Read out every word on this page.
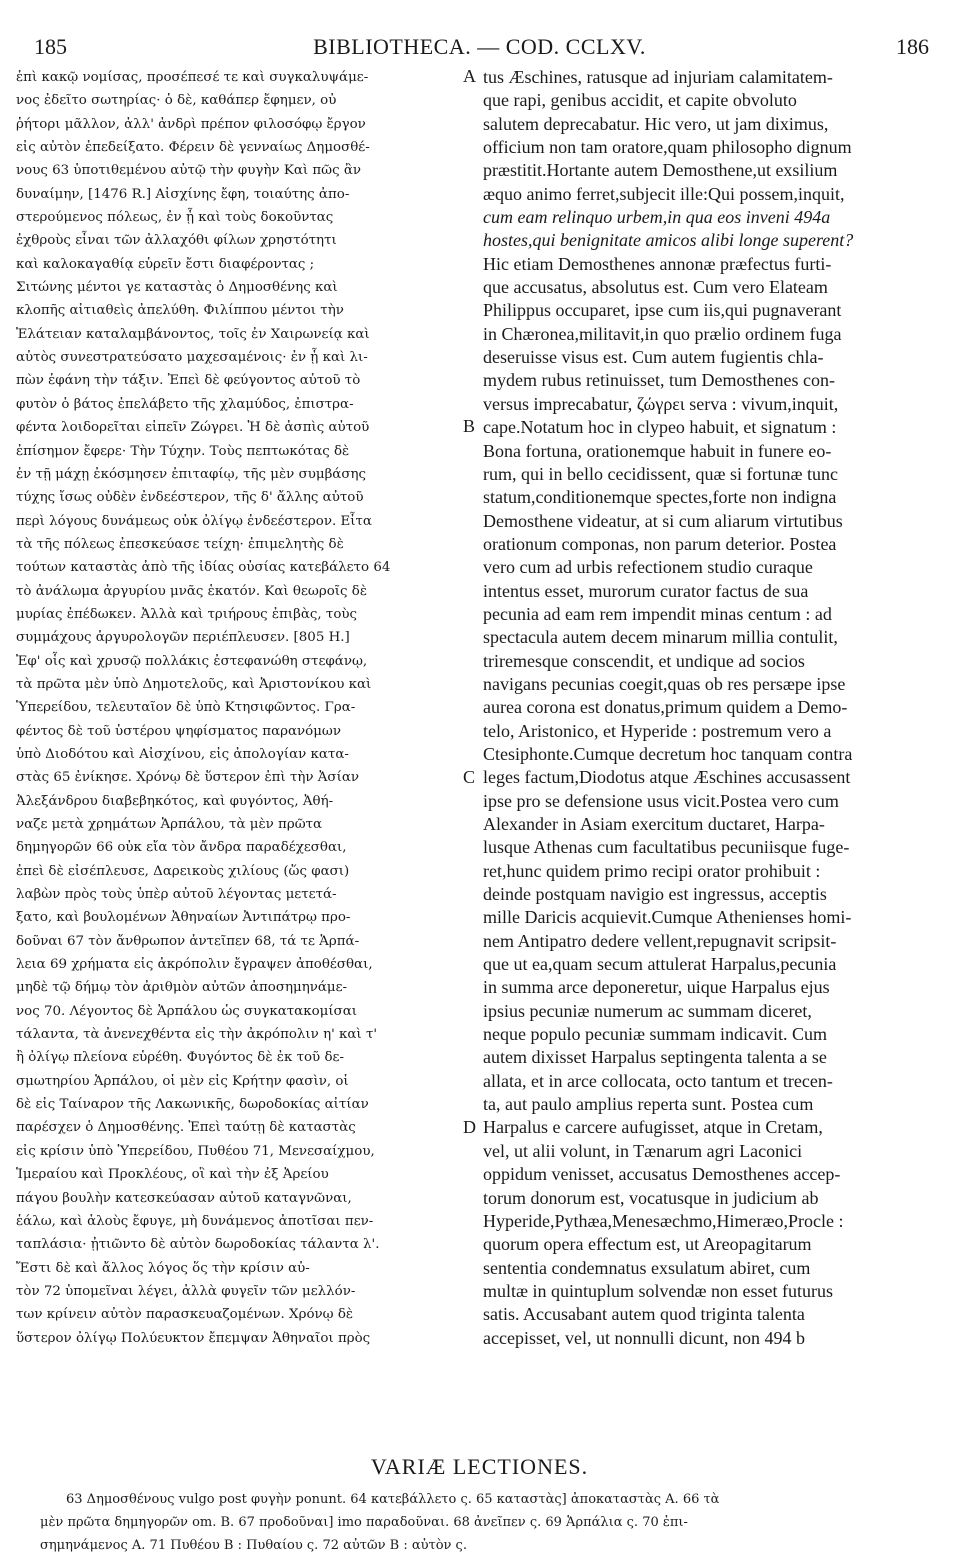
185	BIBLIOTHECA. — COD. CCLXV.	186
ἐπὶ κακῷ νομίσας, προσέπεσέ τε καὶ συγκαλυψάμε-
νος ἐδεῖτο σωτηρίας· ὁ δὲ, καθάπερ ἔφημεν, οὐ
ῥήτορι μᾶλλον, ἀλλ' ἀνδρὶ πρέπον φιλοσόφῳ ἔργον
εἰς αὐτὸν ἐπεδείξατο. Φέρειν δὲ γενναίως Δημοσθέ-
νους 63 ὑποτιθεμένου αὐτῷ τὴν φυγὴν Καὶ πῶς ἂν
δυναίμην, [1476 R.] Αἰσχίνης ἔφη, τοιαύτης ἀπο-
στερούμενος πόλεως, ἐν ᾗ καὶ τοὺς δοκοῦντας
ἐχθροὺς εἶναι τῶν ἀλλαχόθι φίλων χρηστότητι
καὶ καλοκαγαθίᾳ εὑρεῖν ἔστι διαφέροντας ;
Σιτώνης μέντοι γε καταστὰς ὁ Δημοσθένης καὶ
κλοπῆς αἰτιαθεὶς ἀπελύθη. Φιλίππου μέντοι τὴν
Ἐλάτειαν καταλαμβάνοντος, τοῖς ἐν Χαιρωνείᾳ καὶ
αὐτὸς συνεστρατεύσατο μαχεσαμένοις· ἐν ᾗ καὶ λι-
πὼν ἐφάνη τὴν τάξιν. Ἐπεὶ δὲ φεύγοντος αὐτοῦ τὸ
φυτὸν ὁ βάτος ἐπελάβετο τῆς χλαμύδος, ἐπιστρα-
φέντα λοιδορεῖται εἰπεῖν Ζώγρει. Ἡ δὲ ἀσπὶς αὐτοῦ
ἐπίσημον ἔφερε· Τὴν Τύχην. Τοὺς πεπτωκότας δὲ
ἐν τῇ μάχῃ ἐκόσμησεν ἐπιταφίῳ, τῆς μὲν συμβάσης
τύχης ἴσως οὐδὲν ἐνδεέστερον, τῆς δ' ἄλλης αὐτοῦ
περὶ λόγους δυνάμεως οὐκ ὀλίγῳ ἐνδεέστερον. Εἶτα
τὰ τῆς πόλεως ἐπεσκεύασε τείχη· ἐπιμελητὴς δὲ
τούτων καταστὰς ἀπὸ τῆς ἰδίας οὐσίας κατεβάλετο 64
τὸ ἀνάλωμα ἀργυρίου μνᾶς ἑκατόν. Καὶ θεωροῖς δὲ
μυρίας ἐπέδωκεν. Ἀλλὰ καὶ τριήρους ἐπιβὰς, τοὺς
συμμάχους ἀργυρολογῶν περιέπλευσεν. [805 H.]
Ἐφ' οἷς καὶ χρυσῷ πολλάκις ἐστεφανώθη στεφάνῳ,
τὰ πρῶτα μὲν ὑπὸ Δημοτελοῦς, καὶ Ἀριστονίκου καὶ
Ὑπερείδου, τελευταῖον δὲ ὑπὸ Κτησιφῶντος. Γρα-
φέντος δὲ τοῦ ὑστέρου ψηφίσματος παρανόμων
ὑπὸ Διοδότου καὶ Αἰσχίνου, εἰς ἀπολογίαν κατα-
στὰς 65 ἐνίκησε. Χρόνῳ δὲ ὕστερον ἐπὶ τὴν Ἀσίαν
Ἀλεξάνδρου διαβεβηκότος, καὶ φυγόντος, Ἀθή-
ναζε μετὰ χρημάτων Ἁρπάλου, τὰ μὲν πρῶτα
δημηγορῶν 66 οὐκ εἴα τὸν ἄνδρα παραδέχεσθαι,
ἐπεὶ δὲ εἰσέπλευσε, Δαρεικοὺς χιλίους (ὥς φασι)
λαβὼν πρὸς τοὺς ὑπὲρ αὐτοῦ λέγοντας μετετά-
ξατο, καὶ βουλομένων Ἀθηναίων Ἀντιπάτρῳ προ-
δοῦναι 67 τὸν ἄνθρωπον ἀντεῖπεν 68, τά τε Ἁρπά-
λεια 69 χρήματα εἰς ἀκρόπολιν ἔγραψεν ἀποθέσθαι,
μηδὲ τῷ δήμῳ τὸν ἀριθμὸν αὐτῶν ἀποσημηνάμε-
νος 70. Λέγοντος δὲ Ἁρπάλου ὡς συγκατακομίσαι
τάλαντα, τὰ ἀνενεχθέντα εἰς τὴν ἀκρόπολιν η' καὶ τ'
ἢ ὀλίγῳ πλείονα εὑρέθη. Φυγόντος δὲ ἐκ τοῦ δε-
σμωτηρίου Ἁρπάλου, οἱ μὲν εἰς Κρήτην φασὶν, οἱ
δὲ εἰς Ταίναρον τῆς Λακωνικῆς, δωροδοκίας αἰτίαν
παρέσχεν ὁ Δημοσθένης. Ἐπεὶ ταύτῃ δὲ καταστὰς
εἰς κρίσιν ὑπὸ Ὑπερείδου, Πυθέου 71, Μενεσαίχμου,
Ἱμεραίου καὶ Προκλέους, οἳ καὶ τὴν ἐξ Ἀρείου
πάγου βουλὴν κατεσκεύασαν αὐτοῦ καταγνῶναι,
ἑάλω, καὶ ἁλοὺς ἔφυγε, μὴ δυνάμενος ἀποτῖσαι πεν-
ταπλάσια· ᾐτιῶντο δὲ αὐτὸν δωροδοκίας τάλαντα λ'.
Ἔστι δὲ καὶ ἄλλος λόγος ὅς τὴν κρίσιν αὐ-
τὸν 72 ὑπομεῖναι λέγει, ἀλλὰ φυγεῖν τῶν μελλόν-
των κρίνειν αὐτὸν παρασκευαζομένων. Χρόνῳ δὲ
ὕστερον ὀλίγῳ Πολύευκτον ἔπεμψαν Ἀθηναῖοι πρὸς
tus Æschines, ratusque ad injuriam calamitatem-
que rapi, genibus accidit, et capite obvoluto
salutem deprecabatur. Hic vero, ut jam diximus,
officium non tam oratore,quam philosopho dignum
præstitit.Hortante autem Demosthene,ut exsilium
æquo animo ferret,subjecit ille:Qui possem,inquit,
cum eam relinquo urbem,in qua eos inveni 494a
hostes,qui benignitate amicos alibi longe superent?
Hic etiam Demosthenes annonæ præfectus furti-
que accusatus, absolutus est. Cum vero Elateam
Philippus occuparet, ipse cum iis,qui pugnaverant
in Chæronea,militavit,in quo prælio ordinem fuga
deseruisse visus est. Cum autem fugientis chla-
mydem rubus retinuisset, tum Demosthenes con-
versus imprecabatur, ζώγρει serva : vivum,inquit,
cape.Notatum hoc in clypeo habuit, et signatum :
Bona fortuna, orationemque habuit in funere eo-
rum, qui in bello cecidissent, quæ si fortunæ tunc
statum,conditionemque spectes,forte non indigna
Demosthene videatur, at si cum aliarum virtutibus
orationum componas, non parum deterior. Postea
vero cum ad urbis refectionem studio curaque
intentus esset, murorum curator factus de sua
pecunia ad eam rem impendit minas centum : ad
spectacula autem decem minarum millia contulit,
triremesque conscendit, et undique ad socios
navigans pecunias coegit,quas ob res persæpe ipse
aurea corona est donatus,primum quidem a Demo-
telo, Aristonico, et Hyperide : postremum vero a
Ctesiphonte.Cumque decretum hoc tanquam contra
leges factum,Diodotus atque Æschines accusassent
ipse pro se defensione usus vicit.Postea vero cum
Alexander in Asiam exercitum ductaret, Harpa-
lusque Athenas cum facultatibus pecuniisque fuge-
ret,hunc quidem primo recipi orator prohibuit :
deinde postquam navigio est ingressus, acceptis
mille Daricis acquievit.Cumque Athenienses homi-
nem Antipatro dedere vellent,repugnavit scripsit-
que ut ea,quam secum attulerat Harpalus,pecunia
in summa arce deponeretur, uique Harpalus ejus
ipsius pecuniæ numerum ac summam diceret,
neque populo pecuniæ summam indicavit. Cum
autem dixisset Harpalus septingenta talenta a se
allata, et in arce collocata, octo tantum et trecen-
ta, aut paulo amplius reperta sunt. Postea cum
Harpalus e carcere aufugisset, atque in Cretam,
vel, ut alii volunt, in Tænarum agri Laconici
oppidum venisset, accusatus Demosthenes accep-
torum donorum est, vocatusque in judicium ab
Hyperide,Pythæa,Menesæchmo,Himeræo,Procle :
quorum opera effectum est, ut Areopagitarum
sententia condemnatus exsulatum abiret, cum
multæ in quintuplum solvendæ non esset futurus
satis. Accusabant autem quod triginta talenta
accepisset, vel, ut nonnulli dicunt, non 494 b
A
B
C
D
VARIÆ LECTIONES.
63 Δημοσθένους vulgo post φυγὴν ponunt. 64 κατεβάλλετο ς. 65 καταστὰς] ἀποκαταστὰς A. 66 τὰ
μὲν πρῶτα δημηγορῶν om. B. 67 προδοῦναι] imo παραδοῦναι. 68 ἀνεῖπεν ς. 69 Ἁρπάλια ς. 70 ἐπι-
σημηνάμενος A. 71 Πυθέου B : Πυθαίου ς. 72 αὐτῶν B : αὐτὸν ς.
